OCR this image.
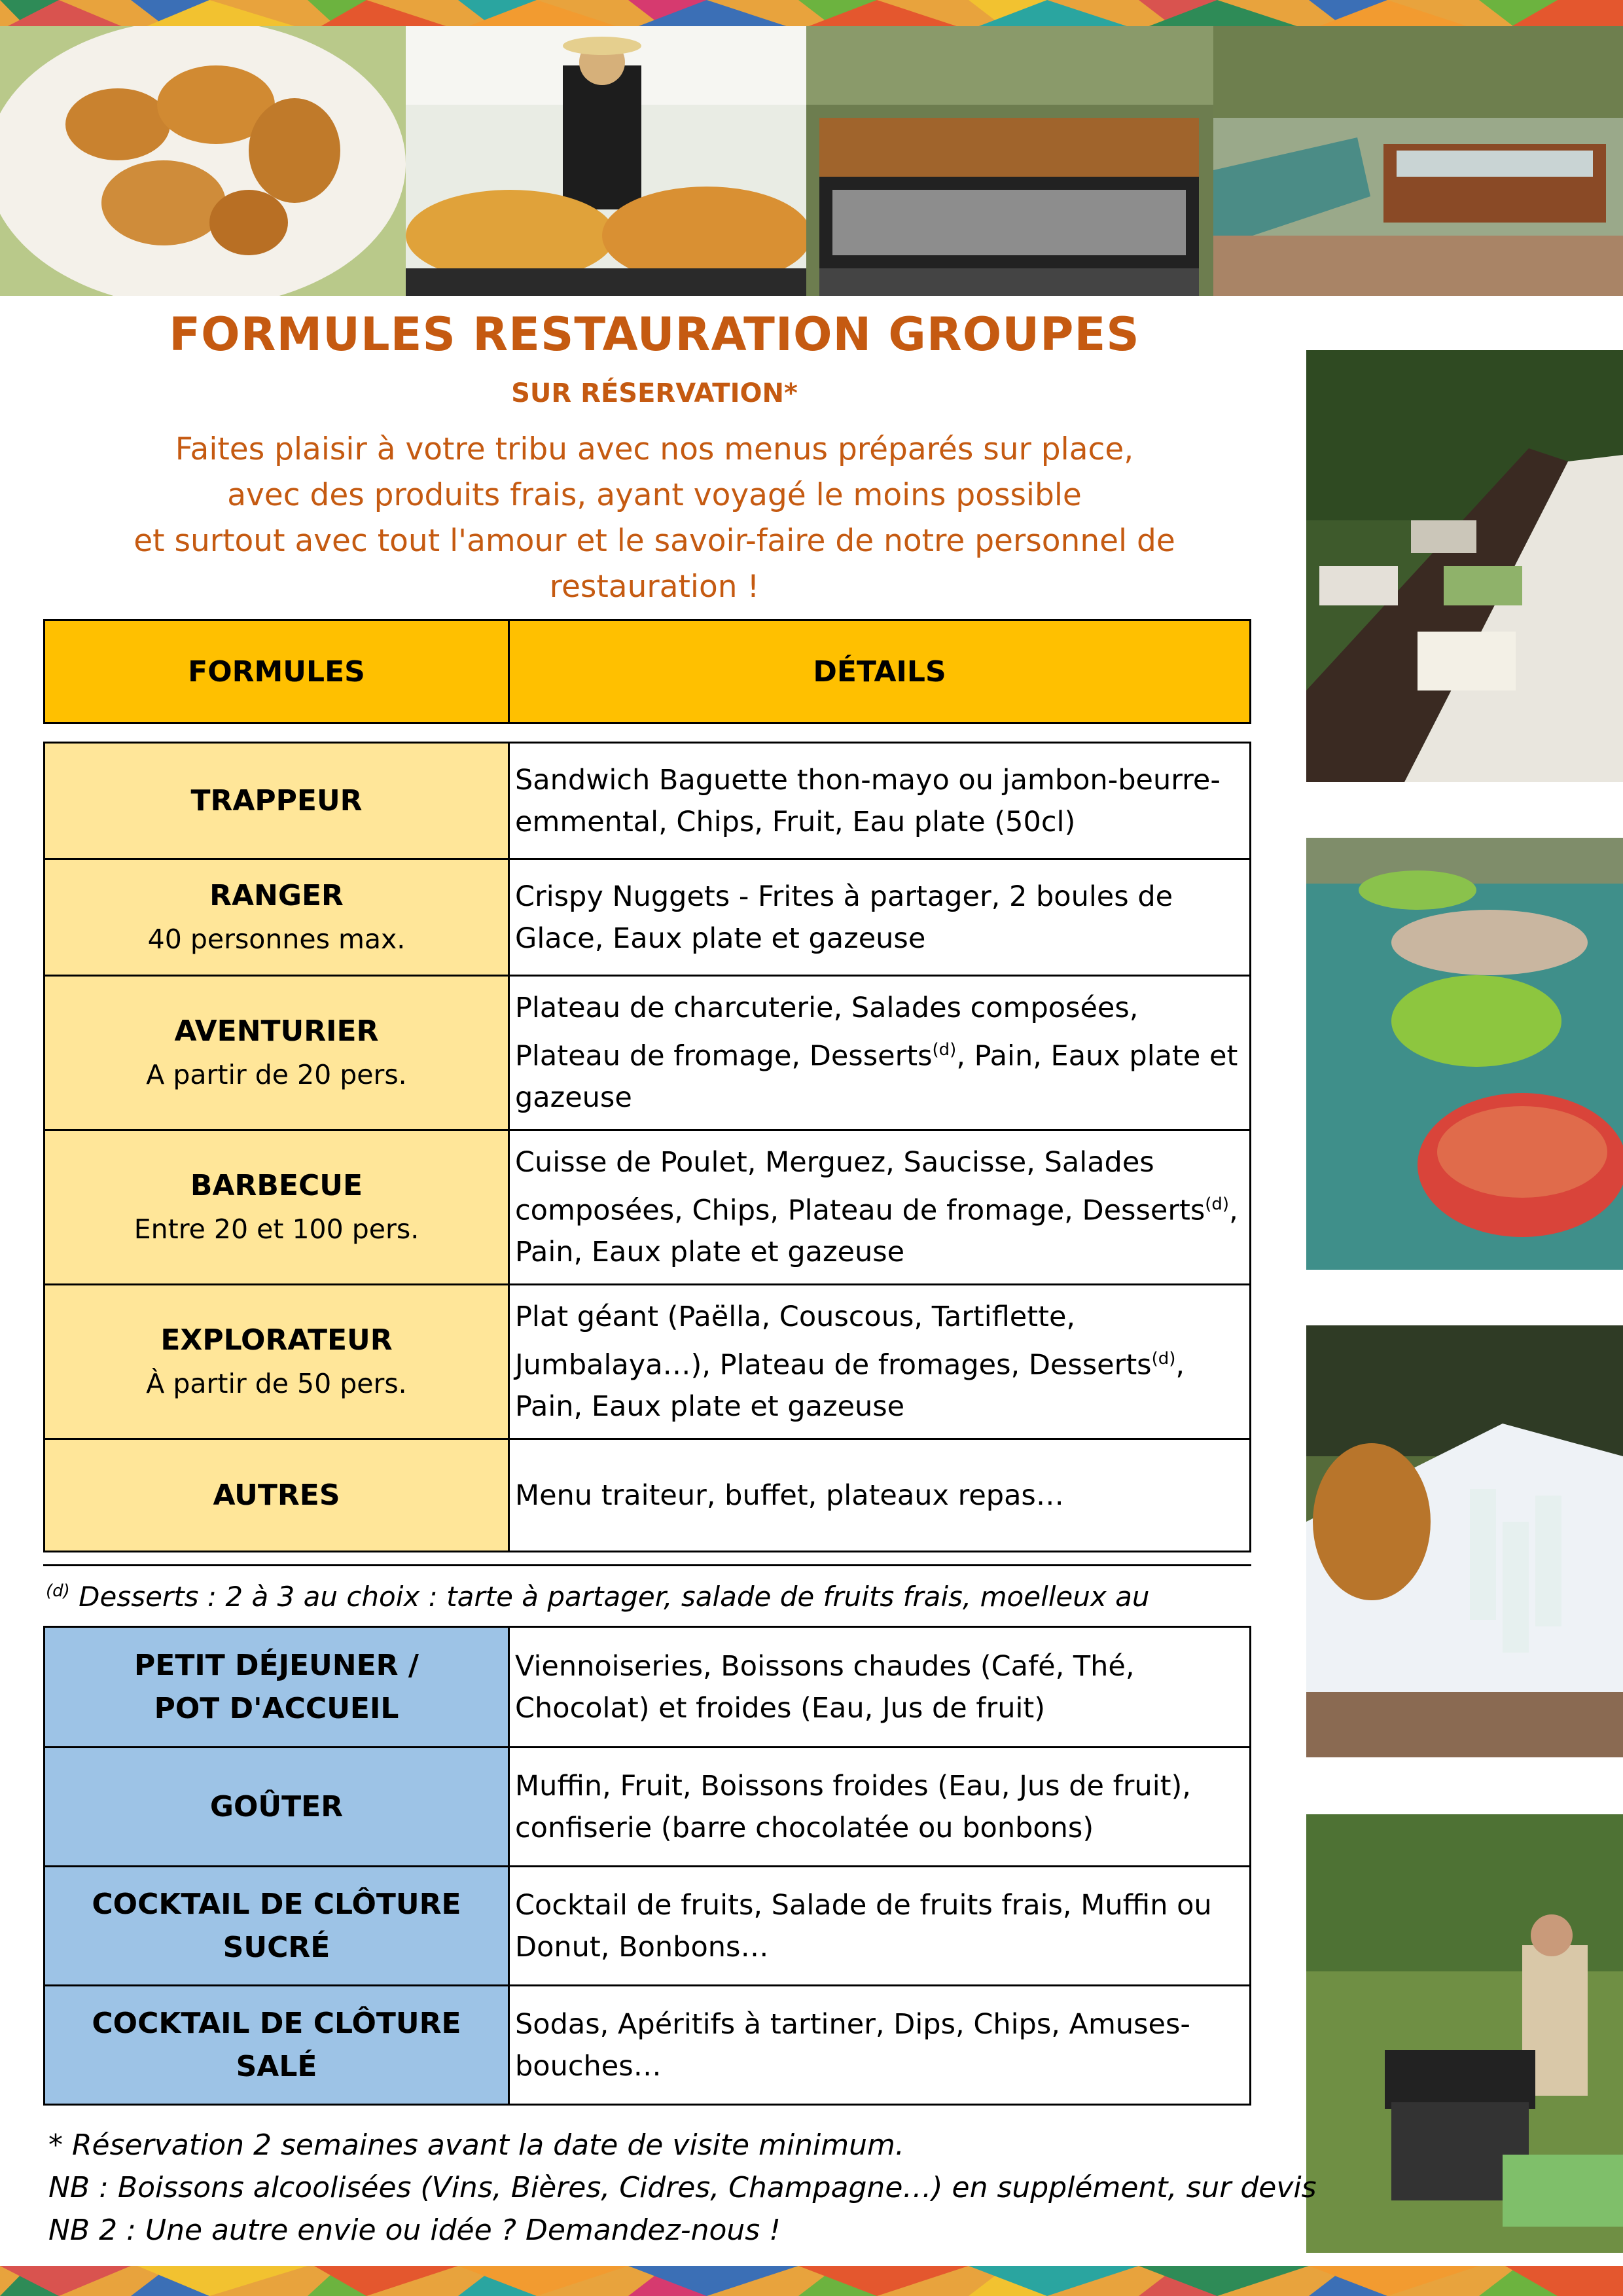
FORMULES RESTAURATION GROUPES
SUR RÉSERVATION*
Faites plaisir à votre tribu avec nos menus préparés sur place,
avec des produits frais, ayant voyagé le moins possible
et surtout avec tout l'amour et le savoir-faire de notre personnel de
restauration !
FORMULES	DÉTAILS
TRAPPEUR	Sandwich Baguette thon-mayo ou jambon-beurre-emmental, Chips, Fruit, Eau plate (50cl)

RANGER
40 personnes max.	Crispy Nuggets - Frites à partager, 2 boules de Glace, Eaux plate et gazeuse

AVENTURIER
A partir de 20 pers.	Plateau de charcuterie, Salades composées, Plateau de fromage, Desserts$^{(d)}$, Pain, Eaux plate et gazeuse

BARBECUE
Entre 20 et 100 pers.	Cuisse de Poulet, Merguez, Saucisse, Salades composées, Chips, Plateau de fromage, Desserts$^{(d)}$, Pain, Eaux plate et gazeuse

EXPLORATEUR
À partir de 50 pers.	Plat géant (Paëlla, Couscous, Tartiflette, Jumbalaya…), Plateau de fromages, Desserts$^{(d)}$, Pain, Eaux plate et gazeuse

AUTRES	Menu traiteur, buffet, plateaux repas…
$^{(d)}$ Desserts : 2 à 3 au choix : tarte à partager, salade de fruits frais, moelleux au
PETIT DÉJEUNER /
POT D'ACCUEIL	Viennoiseries, Boissons chaudes (Café, Thé, Chocolat) et froides (Eau, Jus de fruit)

GOÛTER	Muffin, Fruit, Boissons froides (Eau, Jus de fruit), confiserie (barre chocolatée ou bonbons)

COCKTAIL DE CLÔTURE
SUCRÉ	Cocktail de fruits, Salade de fruits frais, Muffin ou Donut, Bonbons…

COCKTAIL DE CLÔTURE
SALÉ	Sodas, Apéritifs à tartiner, Dips, Chips, Amuses-bouches…
* Réservation 2 semaines avant la date de visite minimum.
NB : Boissons alcoolisées (Vins, Bières, Cidres, Champagne…) en supplément, sur devis
NB 2 : Une autre envie ou idée ? Demandez-nous !
